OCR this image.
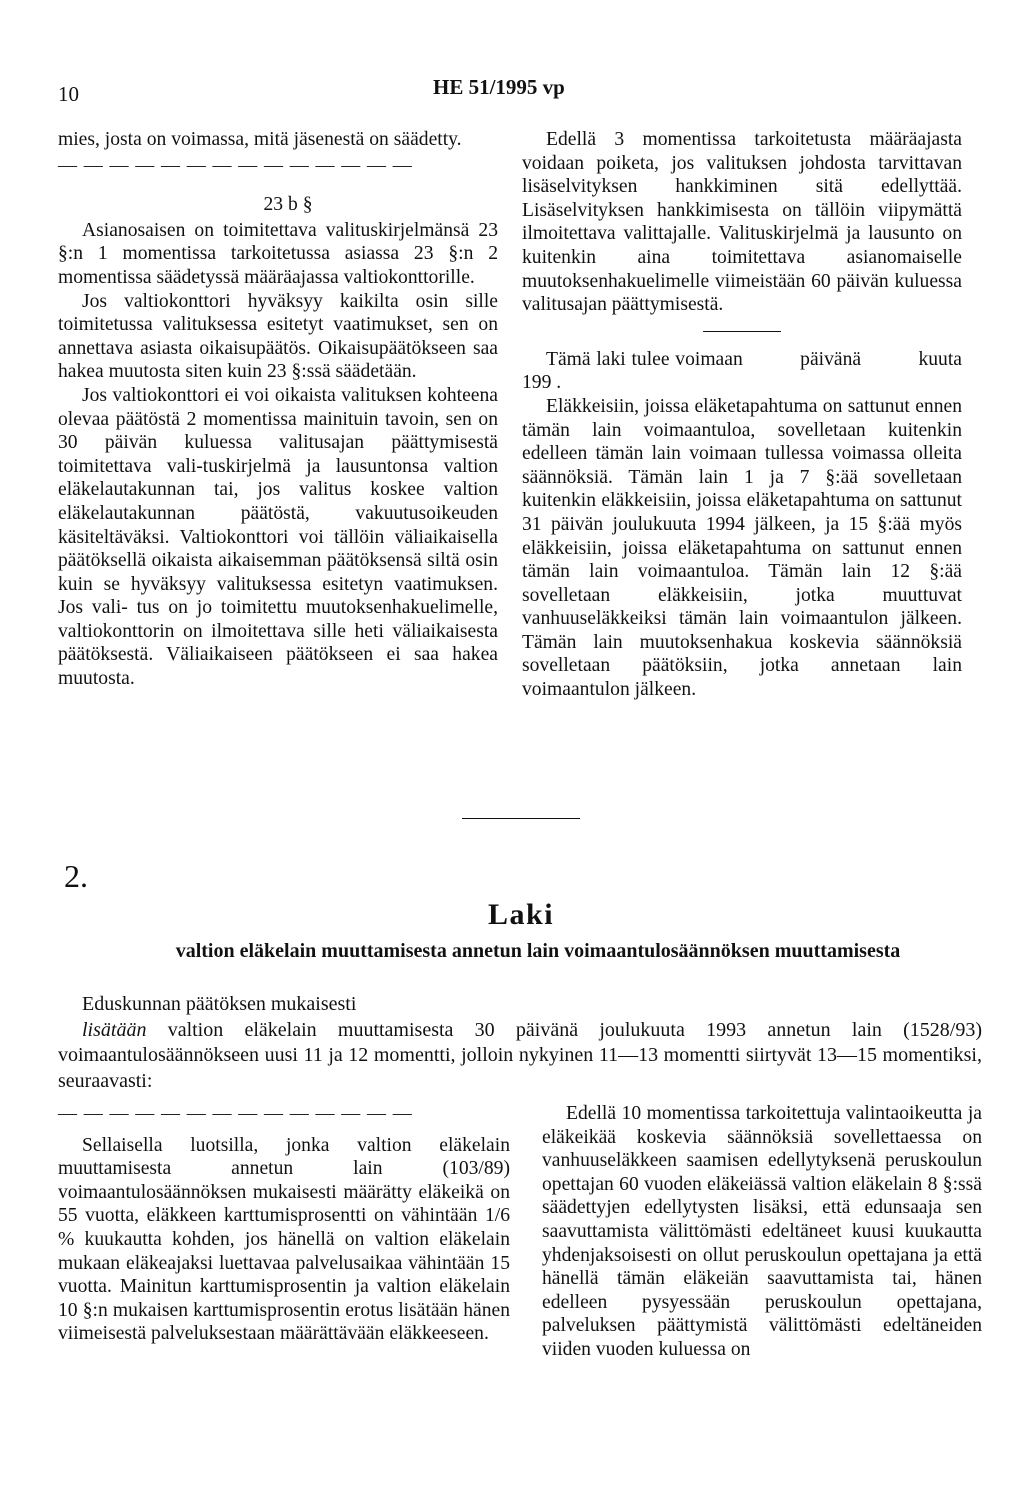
10	HE 51/1995 vp

mies, josta on voimassa, mitä jäsenestä on säädetty.

— — — — — — — — — — — — — —

23 b §

Asianosaisen on toimitettava valituskirjelmänsä 23 §:n 1 momentissa tarkoitetussa asiassa 23 §:n 2 momentissa säädetyssä määräajassa valtiokonttorille.

Jos valtiokonttori hyväksyy kaikilta osin sille toimitetussa valituksessa esitetyt vaatimukset, sen on annettava asiasta oikaisupäätös. Oikaisupäätökseen saa hakea muutosta siten kuin 23 §:ssä säädetään.

Jos valtiokonttori ei voi oikaista valituksen kohteena olevaa päätöstä 2 momentissa mainituin tavoin, sen on 30 päivän kuluessa valitusajan päättymisestä toimitettava vali-tuskirjelmä ja lausuntonsa valtion eläkelautakunnan tai, jos valitus koskee valtion eläkelautakunnan päätöstä, vakuutusoikeuden käsiteltäväksi. Valtiokonttori voi tällöin väliaikaisella päätöksellä oikaista aikaisemman päätöksensä siltä osin kuin se hyväksyy valituksessa esitetyn vaatimuksen. Jos vali- tus on jo toimitettu muutoksenhakuelimelle, valtiokonttorin on ilmoitettava sille heti väliaikaisesta päätöksestä. Väliaikaiseen päätökseen ei saa hakea muutosta.

Edellä 3 momentissa tarkoitetusta määräajasta voidaan poiketa, jos valituksen johdosta tarvittavan lisäselvityksen hankkiminen sitä edellyttää. Lisäselvityksen hankkimisesta on tällöin viipymättä ilmoitettava valittajalle. Valituskirjelmä ja lausunto on kuitenkin aina toimitettava asianomaiselle muutoksenhakuelimelle viimeistään 60 päivän kuluessa valitusajan päättymisestä.

Tämä laki tulee voimaan          päivänä          kuuta 199 .

Eläkkeisiin, joissa eläketapahtuma on sattunut ennen tämän lain voimaantuloa, sovelletaan kuitenkin edelleen tämän lain voimaan tullessa voimassa olleita säännöksiä. Tämän lain 1 ja 7 §:ää sovelletaan kuitenkin eläkkeisiin, joissa eläketapahtuma on sattunut 31 päivän joulukuuta 1994 jälkeen, ja 15 §:ää myös eläkkeisiin, joissa eläketapahtuma on sattunut ennen tämän lain voimaantuloa. Tämän lain 12 §:ää sovelletaan eläkkeisiin, jotka muuttuvat vanhuuseläkkeiksi tämän lain voimaantulon jälkeen. Tämän lain muutoksenhakua koskevia säännöksiä sovelletaan päätöksiin, jotka annetaan lain voimaantulon jälkeen.

2.
Laki
valtion eläkelain muuttamisesta annetun lain voimaantulosäännöksen muuttamisesta

Eduskunnan päätöksen mukaisesti

lisätään valtion eläkelain muuttamisesta 30 päivänä joulukuuta 1993 annetun lain (1528/93) voimaantulosäännökseen uusi 11 ja 12 momentti, jolloin nykyinen 11—13 momentti siirtyvät 13—15 momentiksi, seuraavasti:

— — — — — — — — — — — — — —

Sellaisella luotsilla, jonka valtion eläkelain muuttamisesta annetun lain (103/89) voimaantulosäännöksen mukaisesti määrätty eläkeikä on 55 vuotta, eläkkeen karttumisprosentti on vähintään 1/6 % kuukautta kohden, jos hänellä on valtion eläkelain mukaan eläkeajaksi luettavaa palvelusaikaa vähintään 15 vuotta. Mainitun karttumisprosentin ja valtion eläkelain 10 §:n mukaisen karttumisprosentin erotus lisätään hänen viimeisestä palveluksestaan määrättävään eläkkeeseen.

Edellä 10 momentissa tarkoitettuja valintaoikeutta ja eläkeikää koskevia säännöksiä sovellettaessa on vanhuuseläkkeen saamisen edellytyksenä peruskoulun opettajan 60 vuoden eläkeiässä valtion eläkelain 8 §:ssä säädettyjen edellytysten lisäksi, että edunsaaja sen saavuttamista välittömästi edeltäneet kuusi kuukautta yhdenjaksoisesti on ollut peruskoulun opettajana ja että hänellä tämän eläkeiän saavuttamista tai, hänen edelleen pysyessään peruskoulun opettajana, palveluksen päättymistä välittömästi edeltäneiden viiden vuoden kuluessa on
